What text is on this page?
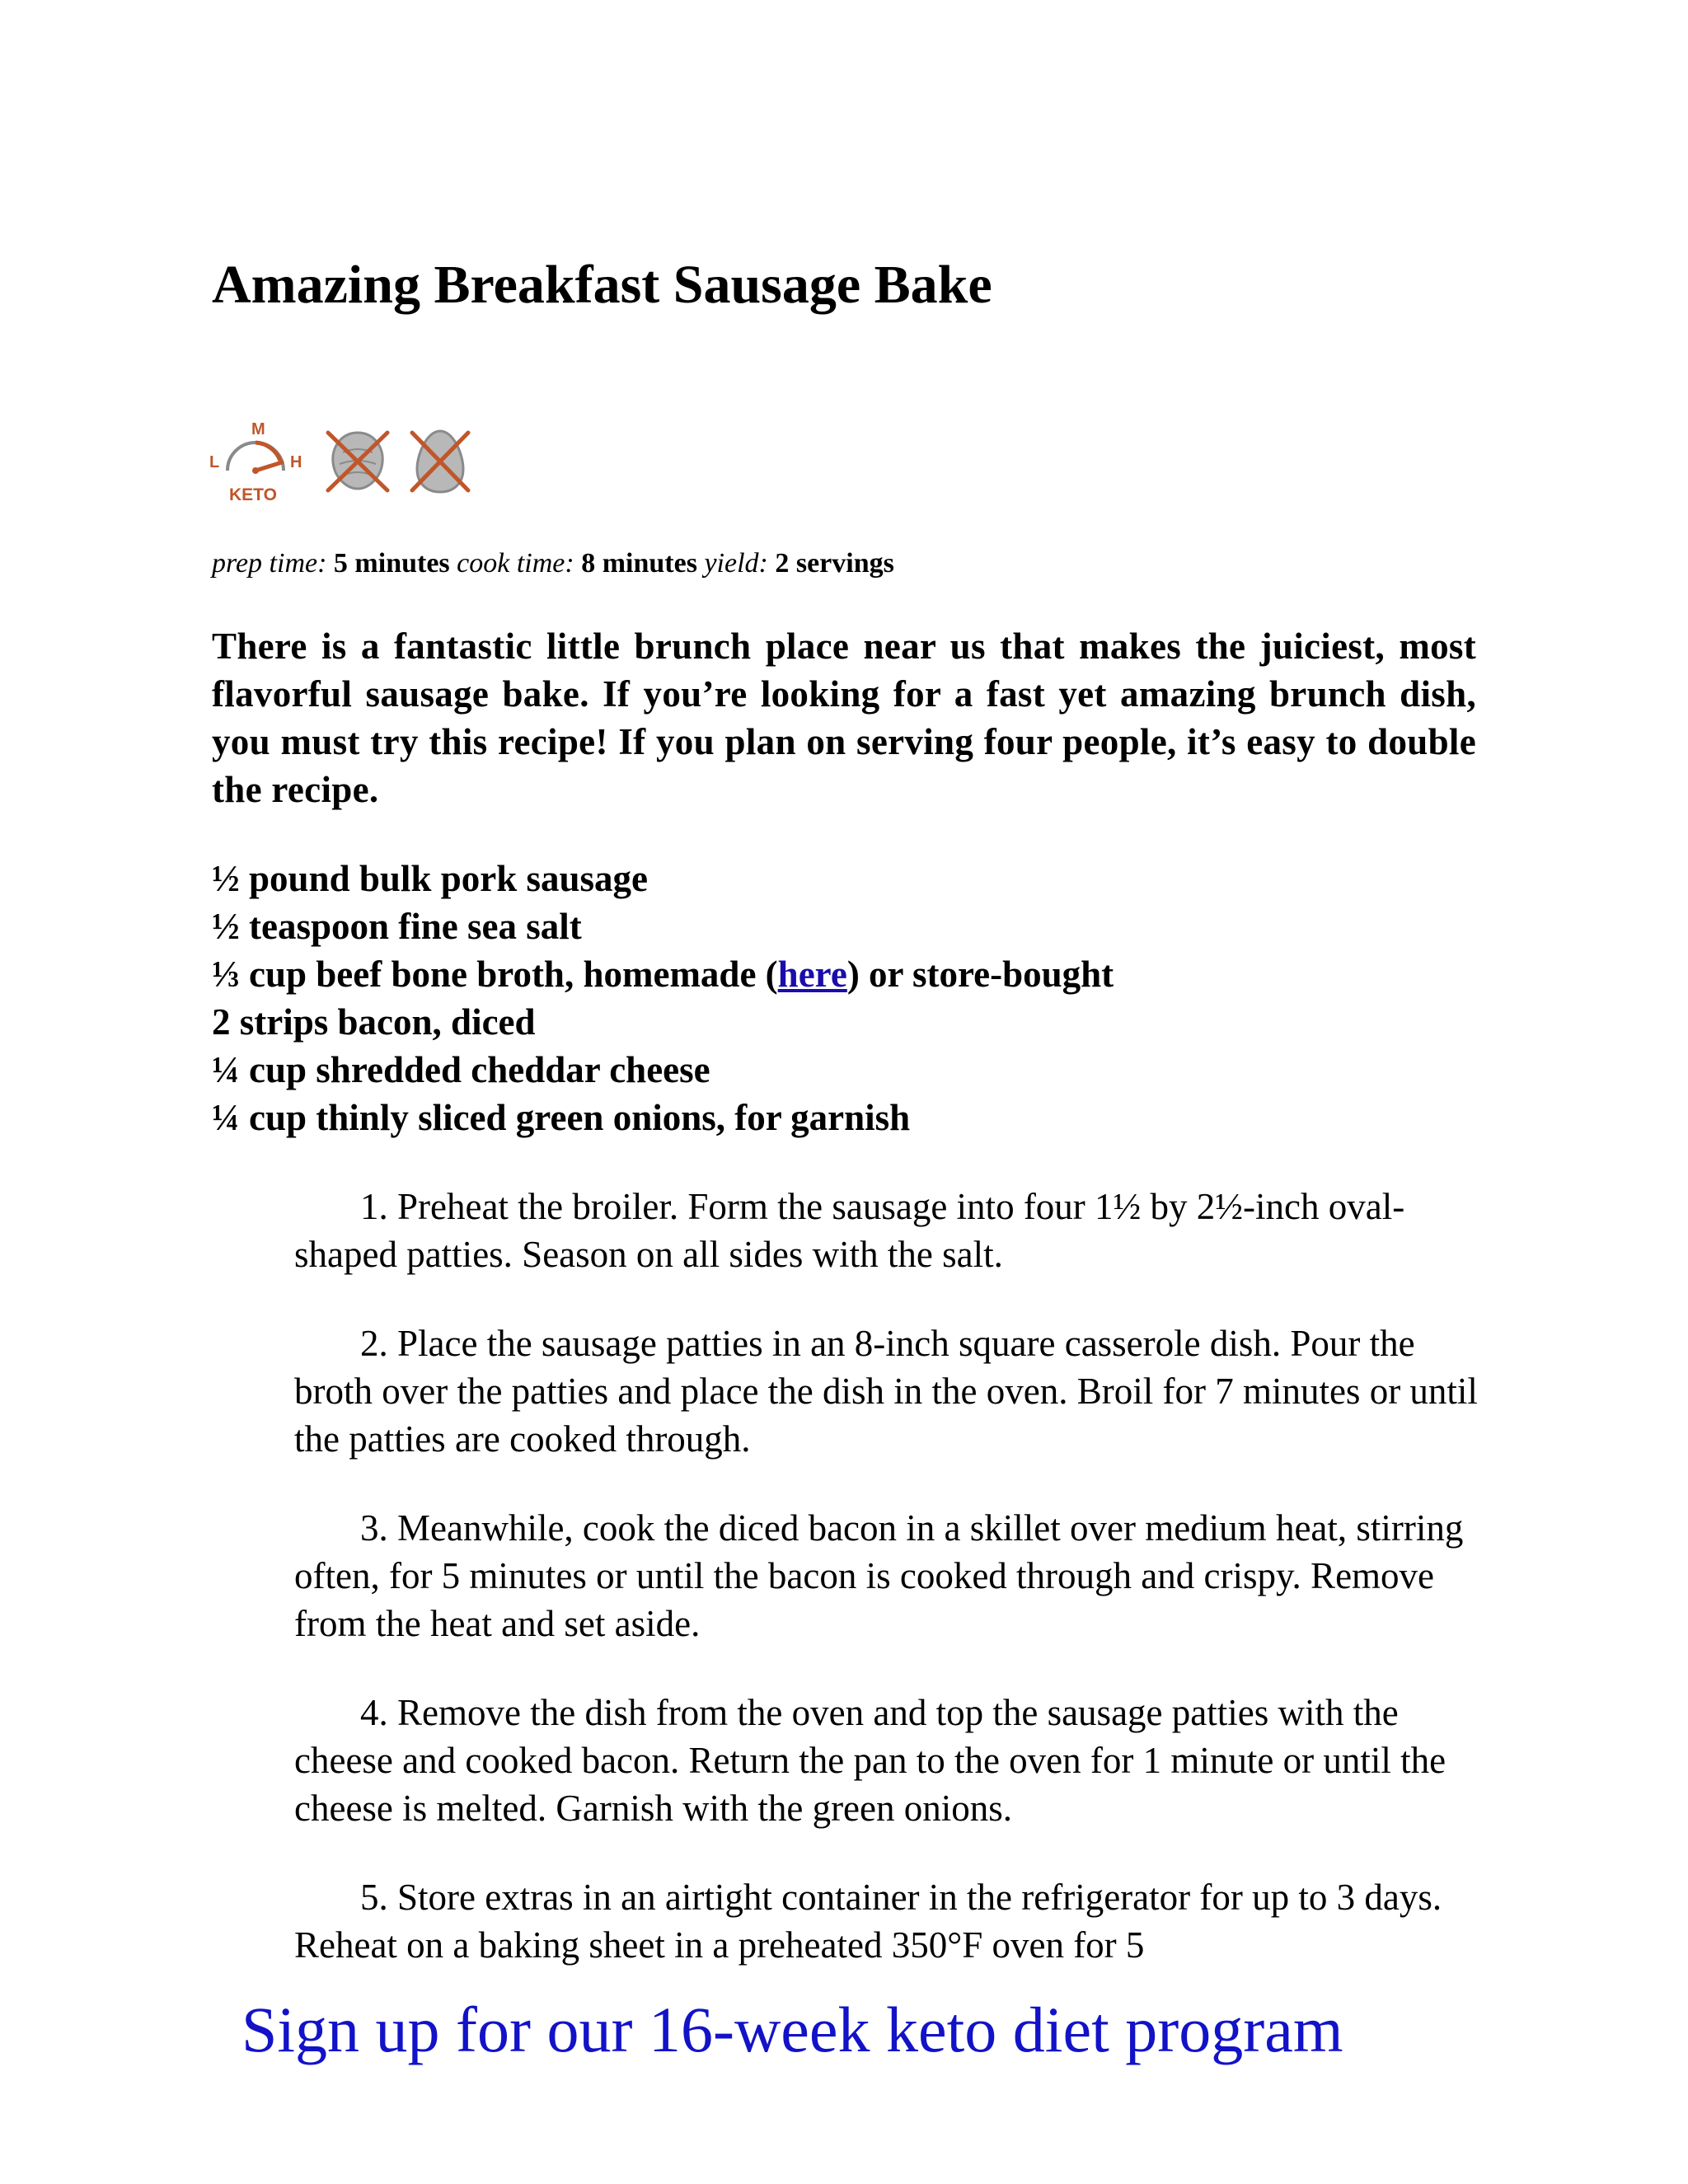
Amazing Breakfast Sausage Bake
M
L	H
KETO
prep time: 5 minutes cook time: 8 minutes yield: 2 servings

There is a fantastic little brunch place near us that makes the juiciest, most flavorful sausage bake. If you’re looking for a fast yet amazing brunch dish, you must try this recipe! If you plan on serving four people, it’s easy to double the recipe.

½ pound bulk pork sausage
½ teaspoon fine sea salt
⅓ cup beef bone broth, homemade (here) or store-bought
2 strips bacon, diced
¼ cup shredded cheddar cheese
¼ cup thinly sliced green onions, for garnish
1. Preheat the broiler. Form the sausage into four 1½ by 2½-inch oval-shaped patties. Season on all sides with the salt.
2. Place the sausage patties in an 8-inch square casserole dish. Pour the broth over the patties and place the dish in the oven. Broil for 7 minutes or until the patties are cooked through.
3. Meanwhile, cook the diced bacon in a skillet over medium heat, stirring often, for 5 minutes or until the bacon is cooked through and crispy. Remove from the heat and set aside.
4. Remove the dish from the oven and top the sausage patties with the cheese and cooked bacon. Return the pan to the oven for 1 minute or until the cheese is melted. Garnish with the green onions.
5. Store extras in an airtight container in the refrigerator for up to 3 days. Reheat on a baking sheet in a preheated 350°F oven for 5
Sign up for our 16-week keto diet program
